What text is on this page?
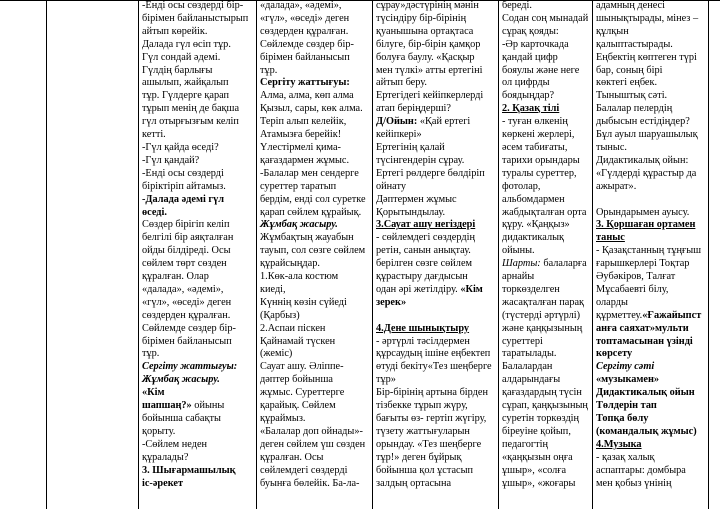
-Енді осы сөздерді бір-
бірімен байланыстырып
айтып көрейік.
Далада гүл өсіп тұр.
Гүл сондай әдемі.
Гүлдің барлығы
ашылып, жайқалып
тұр. Гүлдерге қарап
тұрып менің де бақша
гүл отырғызғым келіп
кетті.
-Гүл қайда өседі?
-Гүл қандай?
-Енді осы сөздерді
біріктіріп айтамыз.
-Далада әдемі гүл
өседі.
Сөздер бірігіп келіп
белгілі бір аяқталған
ойды білдіреді. Осы
сөйлем төрт сөзден
құралған. Олар
«далада», «әдемі»,
«гүл», «өседі» деген
сөздерден құралған.
Сөйлемде сөздер бір-
бірімен байланысып
тұр.
Сергіту жаттығуы:
Жұмбақ жасыру.
«Кім
шапшаң?» ойыны
бойынша сабақты
қорыту.
-Сөйлем неден
құралады?
3. Шығармашылық
іс-әрекет
«далада», «әдемі»,
«гүл», «өседі» деген
сөздерден құралған.
Сөйлемде сөздер бір-
бірімен байланысып
тұр.
Сергіту жаттығуы:
Алма, алма, көп алма
Қызыл, сары, көк алма.
Теріп алып келейік,
Атамызға берейік!
Үлестірмелі қима-
қағаздармен жұмыс.
-Балалар мен сендерге
суреттер таратып
бердім, енді сол суретке
қарап сөйлем құрайық.
Жұмбақ жасыру.
Жұмбақтың жауабын
тауып, сол сөзге сөйлем
құрайсыңдар.
1.Көк-ала костюм
киеді,
Күннің көзін сүйеді
(Қарбыз)
2.Аспаи піскен
Қайнамай түскен
(жеміс)
Сауат ашу. Әліппе-
дәптер бойынша
жұмыс. Суреттерге
қарайық. Сөйлем
құраймыз.
«Балалар доп ойнады»-
деген сөйлем үш сөзден
құралған. Осы
сөйлемдегі сөздерді
буынға бөлейік. Ба-ла-
сұрау»дәстүрінің мәнін
түсіндіру бір-бірінің
қуанышына ортақтаса
білуге, бір-бірін қамқор
болуға баулу. «Қасқыр
мен түлкі» атты ертегіні
айтып беру.
Ертегідегі кейіпкерлерді
атап беріңдерші?
Д/Ойын: «Қай ертегі
кейіпкері»
Ертегінің қалай
түсінгендерін сұрау.
Ертегі рөлдерге бөлдіріп
ойнату
Дәптермен жұмыс
Қорытындылау.
3.Сауат ашу негіздері
- сөйлемдегі сөздердің
ретін, санын анықтау.
берілген сөзге сөйлем
құрастыру дағдысын
одан әрі жетілдіру. «Кім
зерек»

4.Дене шынықтыру
- әртүрлі тәсілдермен
құрсаудың ішіне еңбектеп
өтуді бекіту«Тез шеңберге
тұр»
Бір-бірінің артына бірден
тізбекке тұрып жүру,
бағыты өз- гертіп жүгіру,
түзету жаттығуларын
орындау. «Тез шеңберге
тұр!» деген бұйрық
бойынша қол ұстасып
залдың ортасына
береді.
Содан соң мынадай
сұрақ қояды:
-Әр карточкада
қандай цифр
бояулы және неге
ол цифрды
боядыңдар?
2. Қазақ тілі
- туған өлкенің
көркені жерлері,
әсем табиғаты,
тарихи орындары
туралы суреттер,
фотолар,
альбомдармен
жабдықталған орта
құру. «Қаңқыз»
дидактикалық
ойыны.
Шарты: балаларға
арнайы
торкөзделген
жасақталған парақ
(түстерді әртүрлі)
және қаңқызының
суреттері
таратылады.
Балалардан
алдарындағы
қағаздардың түсін
сұрап, қаңқызының
суретін торкөздің
біреуіне қойып,
педагогтің
«қаңқызын оңға
ұшыр», «солға
ұшыр», «жоғары
адамның денесі
шынықтырады, мінез –
құлқын
қалыптастырады.
Еңбектің көптеген түрі
бар, соның бірі
көктегі еңбек.
Тыныштық сәті.
Балалар пелердің
дыбысын естідіңдер?
Бұл ауыл шаруашылық
тыныс.
Дидактикалық ойын:
«Гүлдерді құрастыр да
ажырат».

Орындарымен ауысу.
3. Қоршаған ортамен
таныс
- Қазақстанның тұңғыш
ғарышкерлері Тоқтар
Әубәкіров, Талғат
Мұсабаевті білу,
оларды
құрметтеу.«Ғажайыпст
анға саяхат»мульти
топтамасынан үзінді
көрсету
Сергіту сәті
«музыкамен»
Дидактикалық ойын
Төлдерін тап
Топқа бөлу
(командалық жұмыс)
4.Музыка
- қазақ халық
аспаптары: домбыра
мен қобыз үнінің
